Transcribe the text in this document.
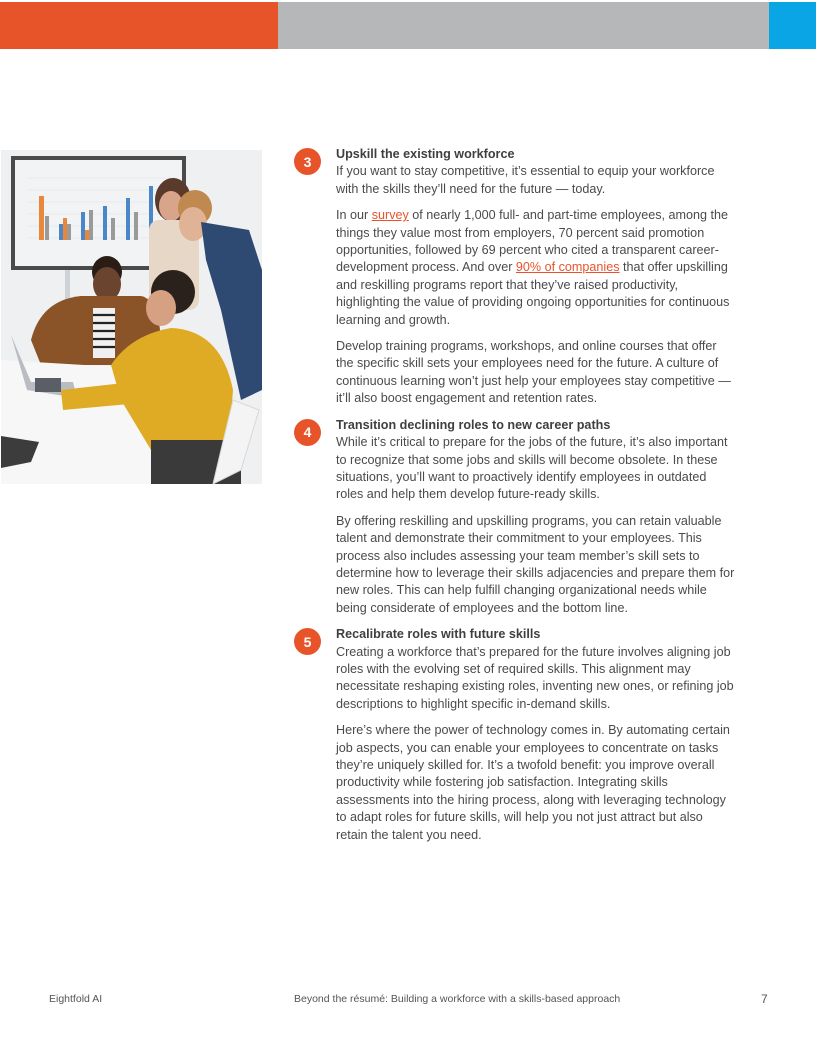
3	Upskill the existing workforce

If you want to stay competitive, it’s essential to equip your workforce with the skills they’ll need for the future — today.

In our survey of nearly 1,000 full- and part-time employees, among the things they value most from employers, 70 percent said promotion opportunities, followed by 69 percent who cited a transparent career-development process. And over 90% of companies that offer upskilling and reskilling programs report that they’ve raised productivity, highlighting the value of providing ongoing opportunities for continuous learning and growth.

Develop training programs, workshops, and online courses that offer the specific skill sets your employees need for the future. A culture of continuous learning won’t just help your employees stay competitive — it’ll also boost engagement and retention rates.

4	Transition declining roles to new career paths

While it’s critical to prepare for the jobs of the future, it’s also important to recognize that some jobs and skills will become obsolete. In these situations, you’ll want to proactively identify employees in outdated roles and help them develop future-ready skills.

By offering reskilling and upskilling programs, you can retain valuable talent and demonstrate their commitment to your employees. This process also includes assessing your team member’s skill sets to determine how to leverage their skills adjacencies and prepare them for new roles. This can help fulfill changing organizational needs while being considerate of employees and the bottom line.

5	Recalibrate roles with future skills

Creating a workforce that’s prepared for the future involves aligning job roles with the evolving set of required skills. This alignment may necessitate reshaping existing roles, inventing new ones, or refining job descriptions to highlight specific in-demand skills.

Here’s where the power of technology comes in. By automating certain job aspects, you can enable your employees to concentrate on tasks they’re uniquely skilled for. It’s a twofold benefit: you improve overall productivity while fostering job satisfaction. Integrating skills assessments into the hiring process, along with leveraging technology to adapt roles for future skills, will help you not just attract but also retain the talent you need.

Eightfold AI	Beyond the résumé: Building a workforce with a skills-based approach	7
